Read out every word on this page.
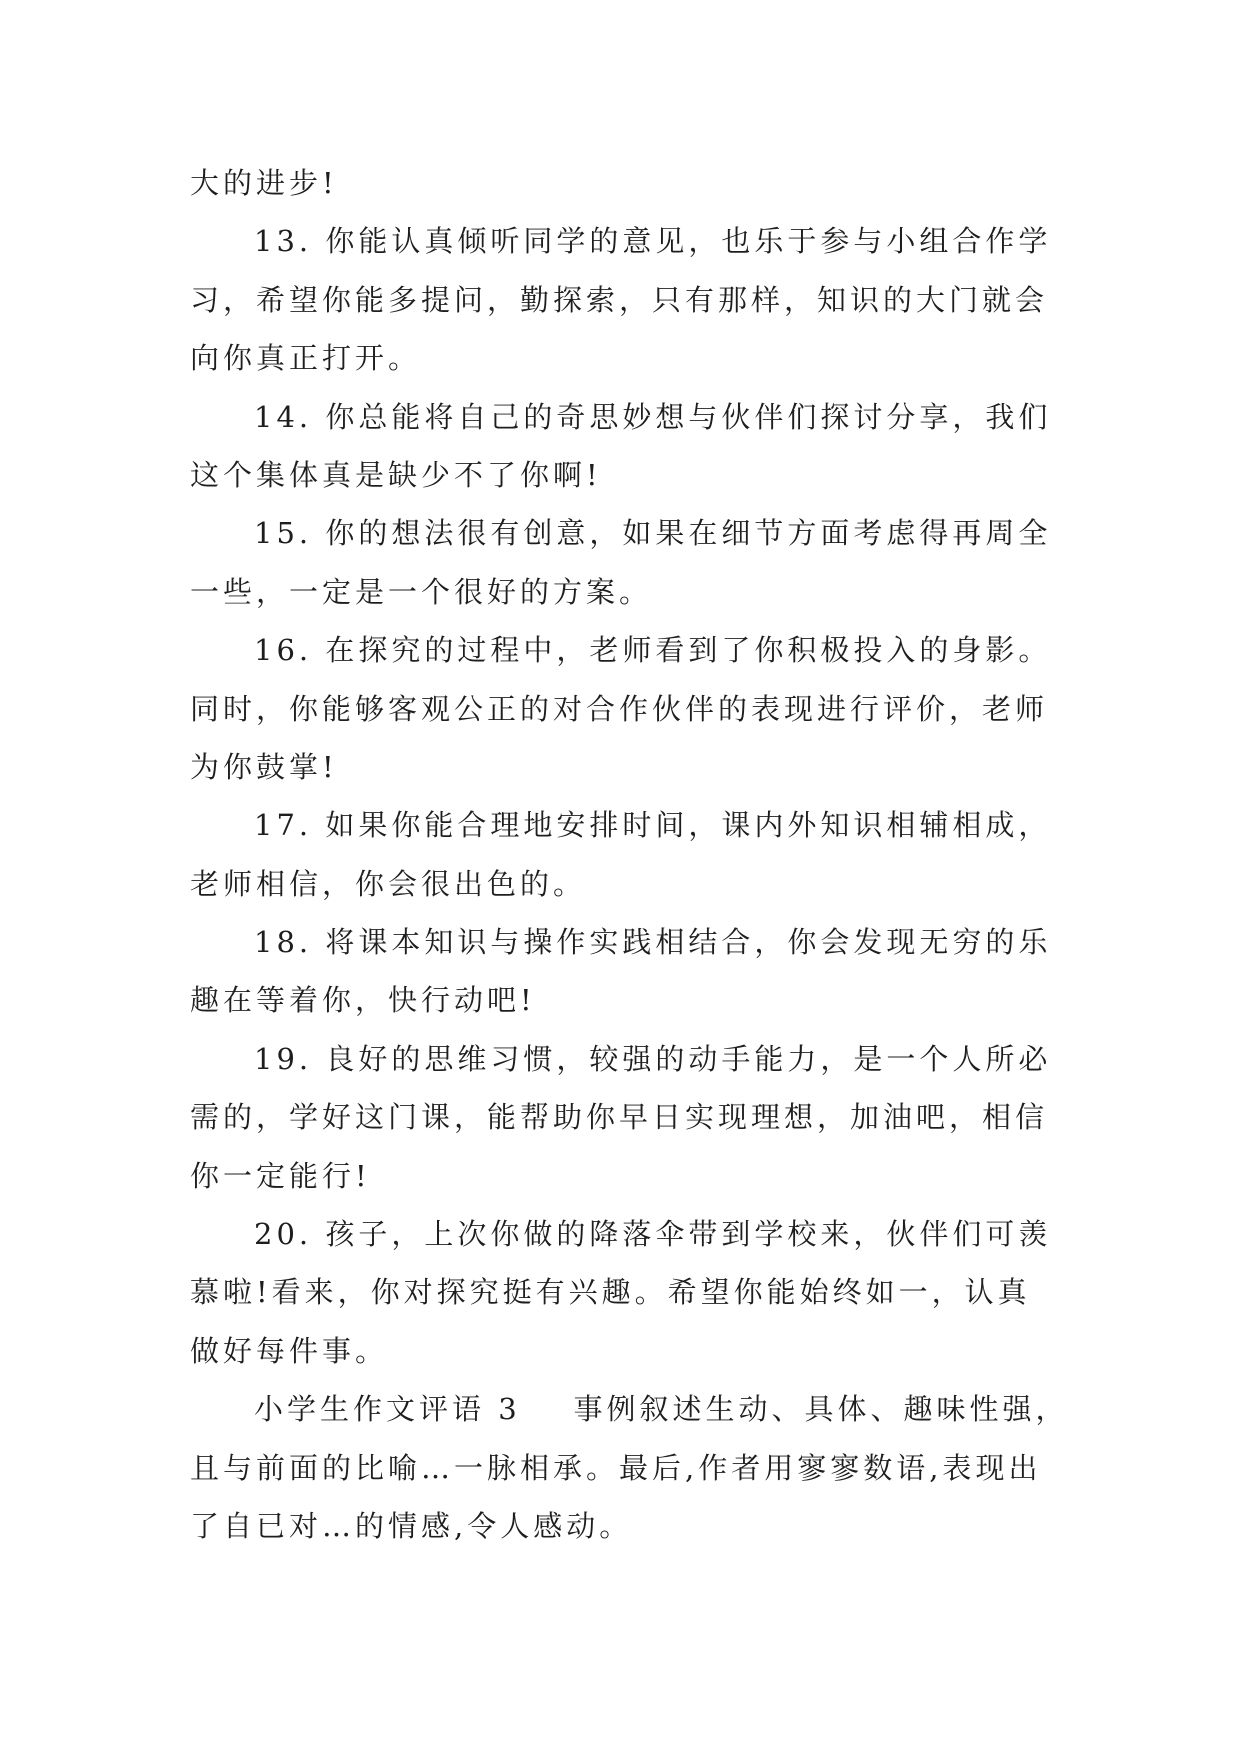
大的进步!
13. 你能认真倾听同学的意见，也乐于参与小组合作学
习，希望你能多提问，勤探索，只有那样，知识的大门就会
向你真正打开。
14. 你总能将自己的奇思妙想与伙伴们探讨分享，我们
这个集体真是缺少不了你啊!
15. 你的想法很有创意，如果在细节方面考虑得再周全
一些，一定是一个很好的方案。
16. 在探究的过程中，老师看到了你积极投入的身影。
同时，你能够客观公正的对合作伙伴的表现进行评价，老师
为你鼓掌!
17. 如果你能合理地安排时间，课内外知识相辅相成，
老师相信，你会很出色的。
18. 将课本知识与操作实践相结合，你会发现无穷的乐
趣在等着你，快行动吧!
19. 良好的思维习惯，较强的动手能力，是一个人所必
需的，学好这门课，能帮助你早日实现理想，加油吧，相信
你一定能行!
20. 孩子，上次你做的降落伞带到学校来，伙伴们可羡
慕啦!看来，你对探究挺有兴趣。希望你能始终如一，认真
做好每件事。
小学生作文评语 3    事例叙述生动、具体、趣味性强，
且与前面的比喻…一脉相承。最后,作者用寥寥数语,表现出
了自已对…的情感,令人感动。
